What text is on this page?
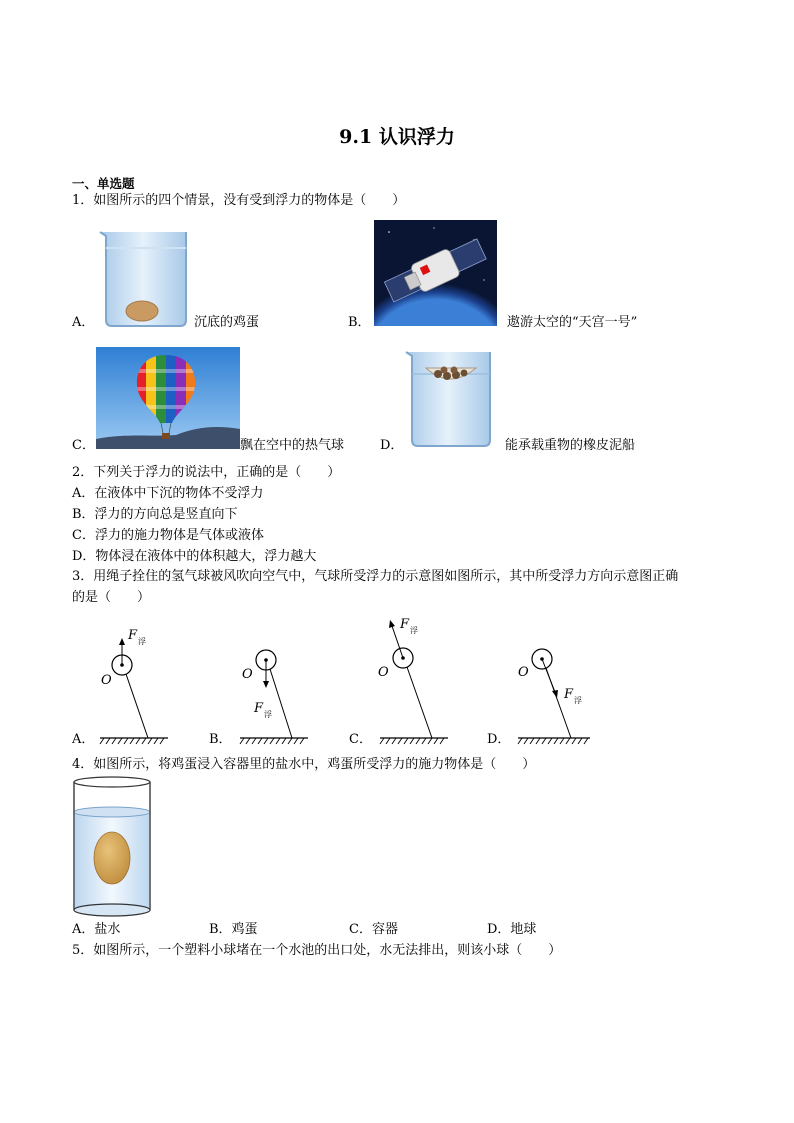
9.1 认识浮力
一、单选题
1．如图所示的四个情景，没有受到浮力的物体是（　　）
A．	沉底的鸡蛋	B．	遨游太空的“天宫一号”
C．	飘在空中的热气球	D．	能承载重物的橡皮泥船
2．下列关于浮力的说法中，正确的是（　　）
A．在液体中下沉的物体不受浮力
B．浮力的方向总是竖直向下
C．浮力的施力物体是气体或液体
D．物体浸在液体中的体积越大，浮力越大
3．用绳子拴住的氢气球被风吹向空气中，气球所受浮力的示意图如图所示，其中所受浮力方向示意图正确
的是（　　）
O
F 浮
A．
O
F 浮
B．
O
F 浮
C．
O
F 浮
D．
4．如图所示，将鸡蛋浸入容器里的盐水中，鸡蛋所受浮力的施力物体是（　　）
A．盐水	B．鸡蛋	C．容器	D．地球
5．如图所示，一个塑料小球堵在一个水池的出口处，水无法排出，则该小球（　　）
